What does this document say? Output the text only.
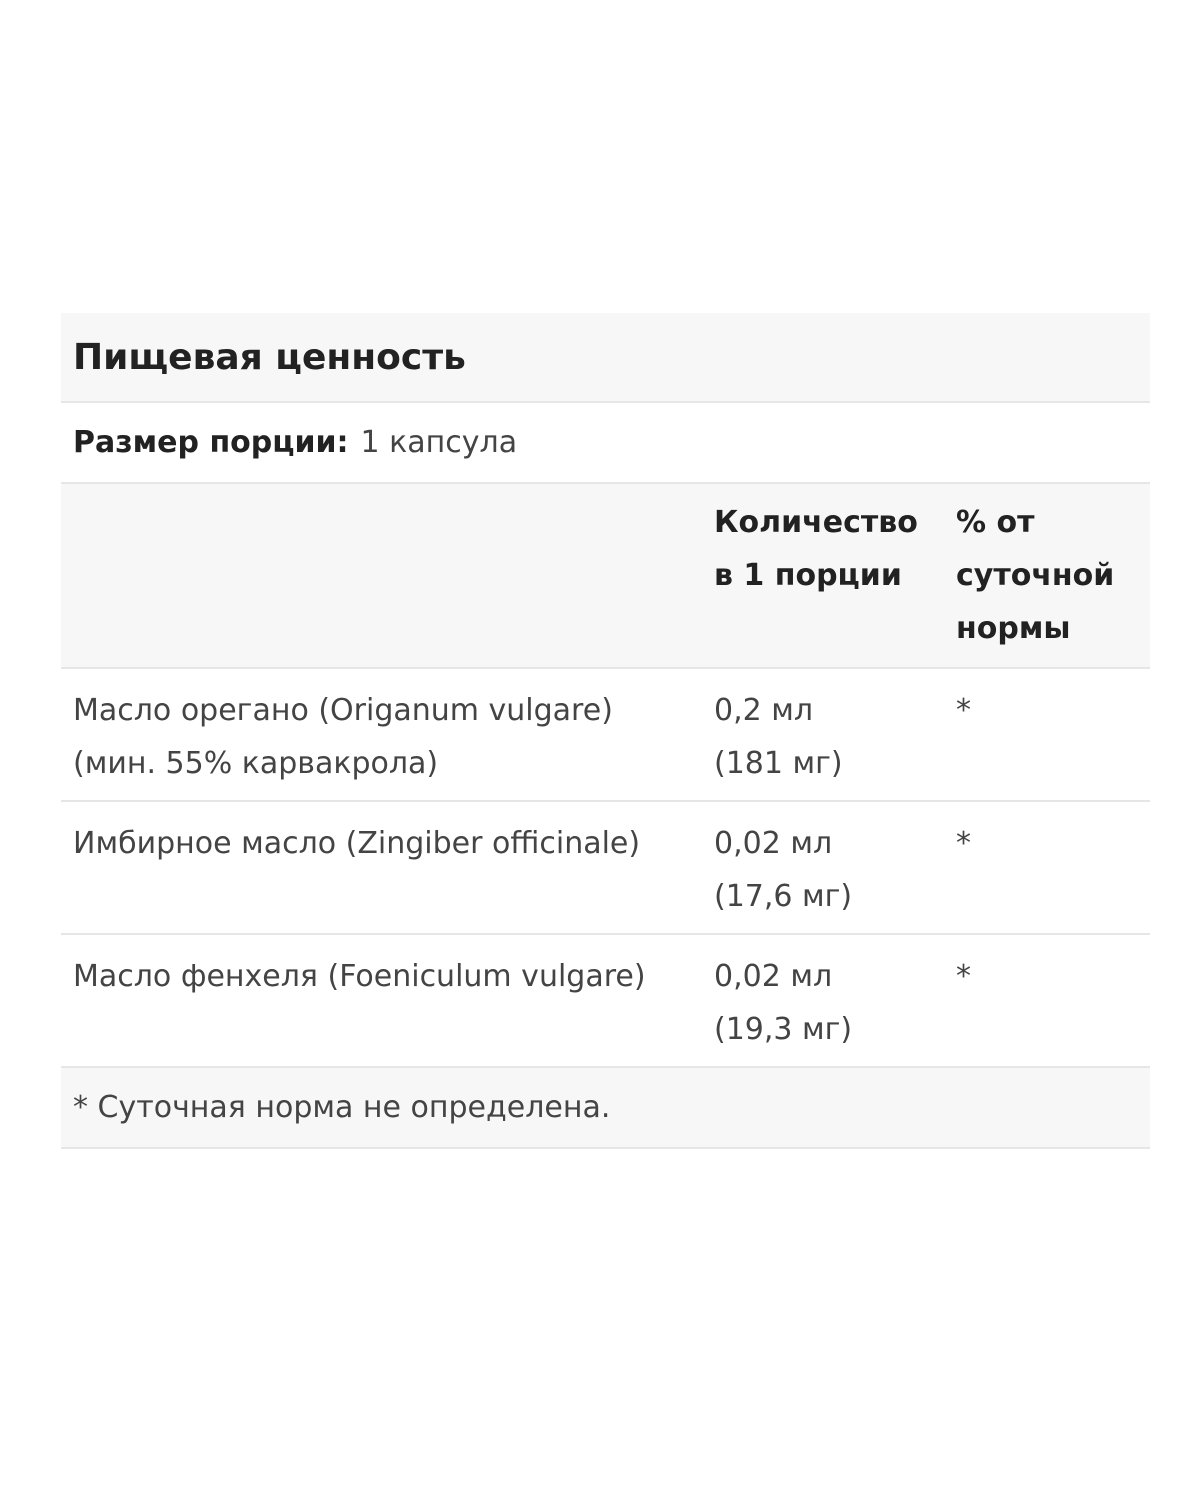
Пищевая ценность
Размер порции: 1 капсула
Количество
в 1 порции
% от
суточной
нормы
Масло орегано (Origanum vulgare)
(мин. 55% карвакрола)
0,2 мл
(181 мг)
*
Имбирное масло (Zingiber officinale)	0,02 мл
(17,6 мг)
*
Масло фенхеля (Foeniculum vulgare)	0,02 мл
(19,3 мг)
*
* Суточная норма не определена.
